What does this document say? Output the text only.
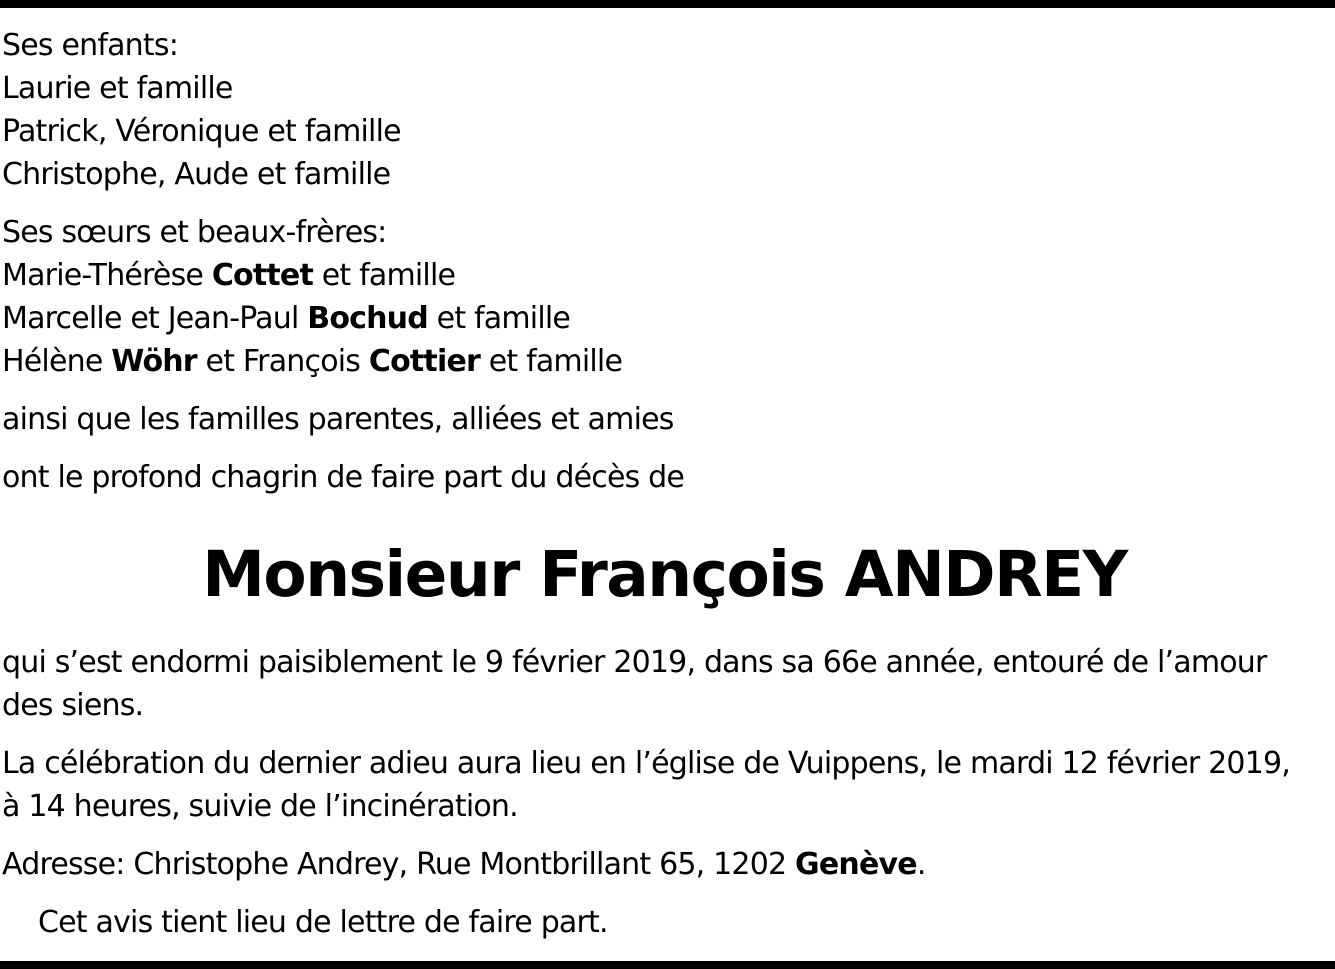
Ses enfants:
Laurie et famille
Patrick, Véronique et famille
Christophe, Aude et famille
Ses sœurs et beaux-frères:
Marie-Thérèse Cottet et famille
Marcelle et Jean-Paul Bochud et famille
Hélène Wöhr et François Cottier et famille
ainsi que les familles parentes, alliées et amies
ont le profond chagrin de faire part du décès de
Monsieur François ANDREY
qui s’est endormi paisiblement le 9 février 2019, dans sa 66e année, entouré de l’amour
des siens.
La célébration du dernier adieu aura lieu en l’église de Vuippens, le mardi 12 février 2019,
à 14 heures, suivie de l’incinération.
Adresse: Christophe Andrey, Rue Montbrillant 65, 1202 Genève.
Cet avis tient lieu de lettre de faire part.
